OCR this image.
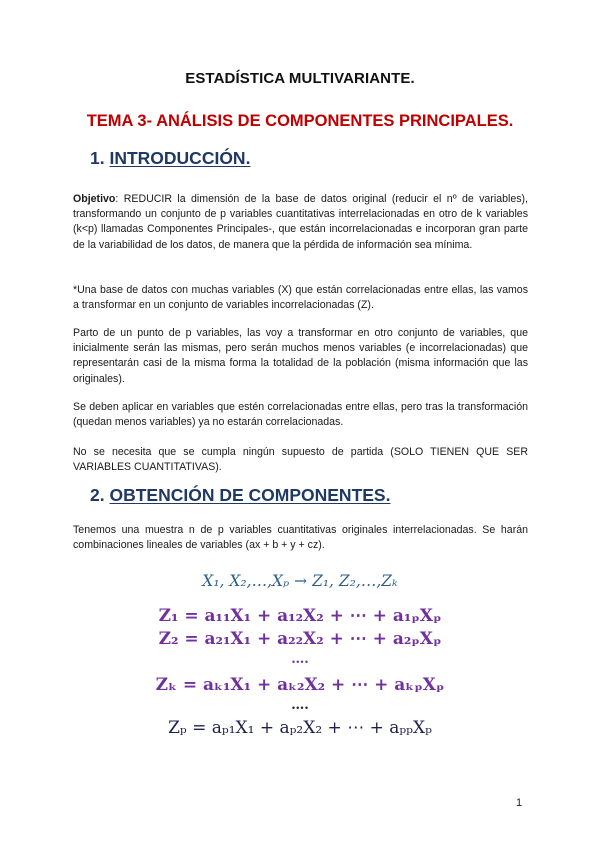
ESTADÍSTICA MULTIVARIANTE.
TEMA 3- ANÁLISIS DE COMPONENTES PRINCIPALES.
1. INTRODUCCIÓN.
Objetivo: REDUCIR la dimensión de la base de datos original (reducir el nº de variables), transformando un conjunto de p variables cuantitativas interrelacionadas en otro de k variables (k<p) llamadas Componentes Principales-, que están incorrelacionadas e incorporan gran parte de la variabilidad de los datos, de manera que la pérdida de información sea mínima.
*Una base de datos con muchas variables (X) que están correlacionadas entre ellas, las vamos a transformar en un conjunto de variables incorrelacionadas (Z).
Parto de un punto de p variables, las voy a transformar en otro conjunto de variables, que inicialmente serán las mismas, pero serán muchos menos variables (e incorrelacionadas) que representarán casi de la misma forma la totalidad de la población (misma información que las originales).
Se deben aplicar en variables que estén correlacionadas entre ellas, pero tras la transformación (quedan menos variables) ya no estarán correlacionadas.
No se necesita que se cumpla ningún supuesto de partida (SOLO TIENEN QUE SER VARIABLES CUANTITATIVAS).
2. OBTENCIÓN DE COMPONENTES.
Tenemos una muestra n de p variables cuantitativas originales interrelacionadas. Se harán combinaciones lineales de variables (ax + b + y + cz).
X₁, X₂,…,Xₚ → Z₁, Z₂,…,Zₖ
Z₁ = a₁₁X₁ + a₁₂X₂ + ⋯ + a₁ₚXₚ
Z₂ = a₂₁X₁ + a₂₂X₂ + ⋯ + a₂ₚXₚ
….
Zₖ = aₖ₁X₁ + aₖ₂X₂ + ⋯ + aₖₚXₚ
….
Zₚ = aₚ₁X₁ + aₚ₂X₂ + ⋯ + aₚₚXₚ
1
